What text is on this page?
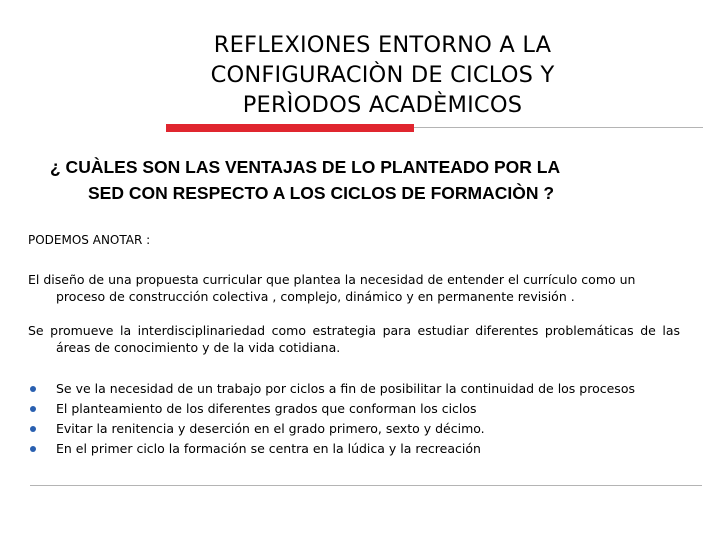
REFLEXIONES ENTORNO A LA
CONFIGURACIÒN DE CICLOS Y
PERÌODOS ACADÈMICOS
¿ CUÀLES SON LAS VENTAJAS DE LO PLANTEADO POR LA
SED CON RESPECTO A LOS CICLOS DE FORMACIÒN ?
PODEMOS ANOTAR :

El diseño de una propuesta curricular que plantea la necesidad de entender el currículo como un proceso de construcción colectiva , complejo, dinámico y en permanente revisión .

Se promueve la interdisciplinariedad como estrategia para estudiar diferentes problemáticas de las áreas de conocimiento y de la vida cotidiana.

Se ve la necesidad de un trabajo por ciclos a fin de posibilitar la continuidad de los procesos
El planteamiento de los diferentes grados que conforman los ciclos
Evitar la renitencia y deserción en el grado primero, sexto y décimo.
En el primer ciclo la formación se centra en la lúdica y la recreación
